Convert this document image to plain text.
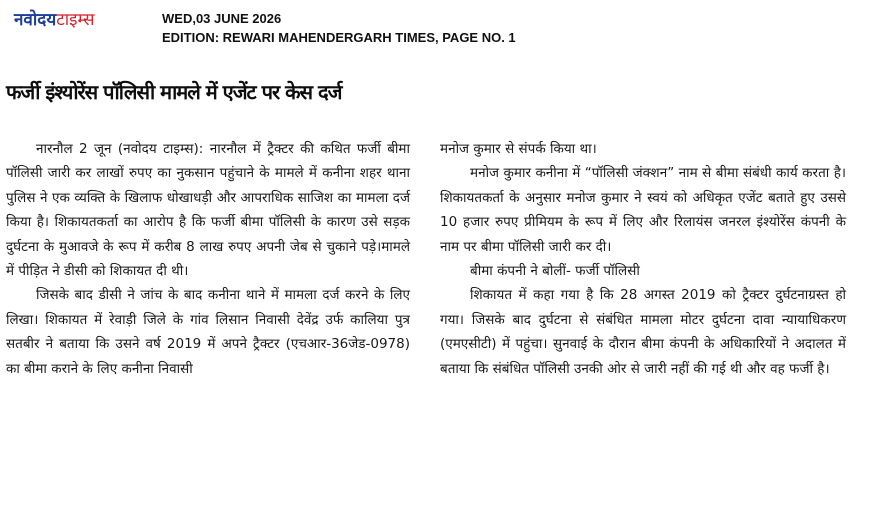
नवोदयटाइम्स	WED,03 JUNE 2026
EDITION: REWARI MAHENDERGARH TIMES, PAGE NO. 1
फर्जी इंश्योरेंस पॉलिसी मामले में एजेंट पर केस दर्ज

नारनौल 2 जून (नवोदय टाइम्स): नारनौल में ट्रैक्टर की कथित फर्जी बीमा पॉलिसी जारी कर लाखों रुपए का नुकसान पहुंचाने के मामले में कनीना शहर थाना पुलिस ने एक व्यक्ति के खिलाफ धोखाधड़ी और आपराधिक साजिश का मामला दर्ज किया है। शिकायतकर्ता का आरोप है कि फर्जी बीमा पॉलिसी के कारण उसे सड़क दुर्घटना के मुआवजे के रूप में करीब 8 लाख रुपए अपनी जेब से चुकाने पड़े।मामले में पीड़ित ने डीसी को शिकायत दी थी।

जिसके बाद डीसी ने जांच के बाद कनीना थाने में मामला दर्ज करने के लिए लिखा। शिकायत में रेवाड़ी जिले के गांव लिसान निवासी देवेंद्र उर्फ कालिया पुत्र सतबीर ने बताया कि उसने वर्ष 2019 में अपने ट्रैक्टर (एचआर-36जेड-0978) का बीमा कराने के लिए कनीना निवासी

मनोज कुमार से संपर्क किया था।

मनोज कुमार कनीना में “पॉलिसी जंक्शन” नाम से बीमा संबंधी कार्य करता है। शिकायतकर्ता के अनुसार मनोज कुमार ने स्वयं को अधिकृत एजेंट बताते हुए उससे 10 हजार रुपए प्रीमियम के रूप में लिए और रिलायंस जनरल इंश्योरेंस कंपनी के नाम पर बीमा पॉलिसी जारी कर दी।

बीमा कंपनी ने बोलीं- फर्जी पॉलिसी

शिकायत में कहा गया है कि 28 अगस्त 2019 को ट्रैक्टर दुर्घटनाग्रस्त हो गया। जिसके बाद दुर्घटना से संबंधित मामला मोटर दुर्घटना दावा न्यायाधिकरण (एमएसीटी) में पहुंचा। सुनवाई के दौरान बीमा कंपनी के अधिकारियों ने अदालत में बताया कि संबंधित पॉलिसी उनकी ओर से जारी नहीं की गई थी और वह फर्जी है।
